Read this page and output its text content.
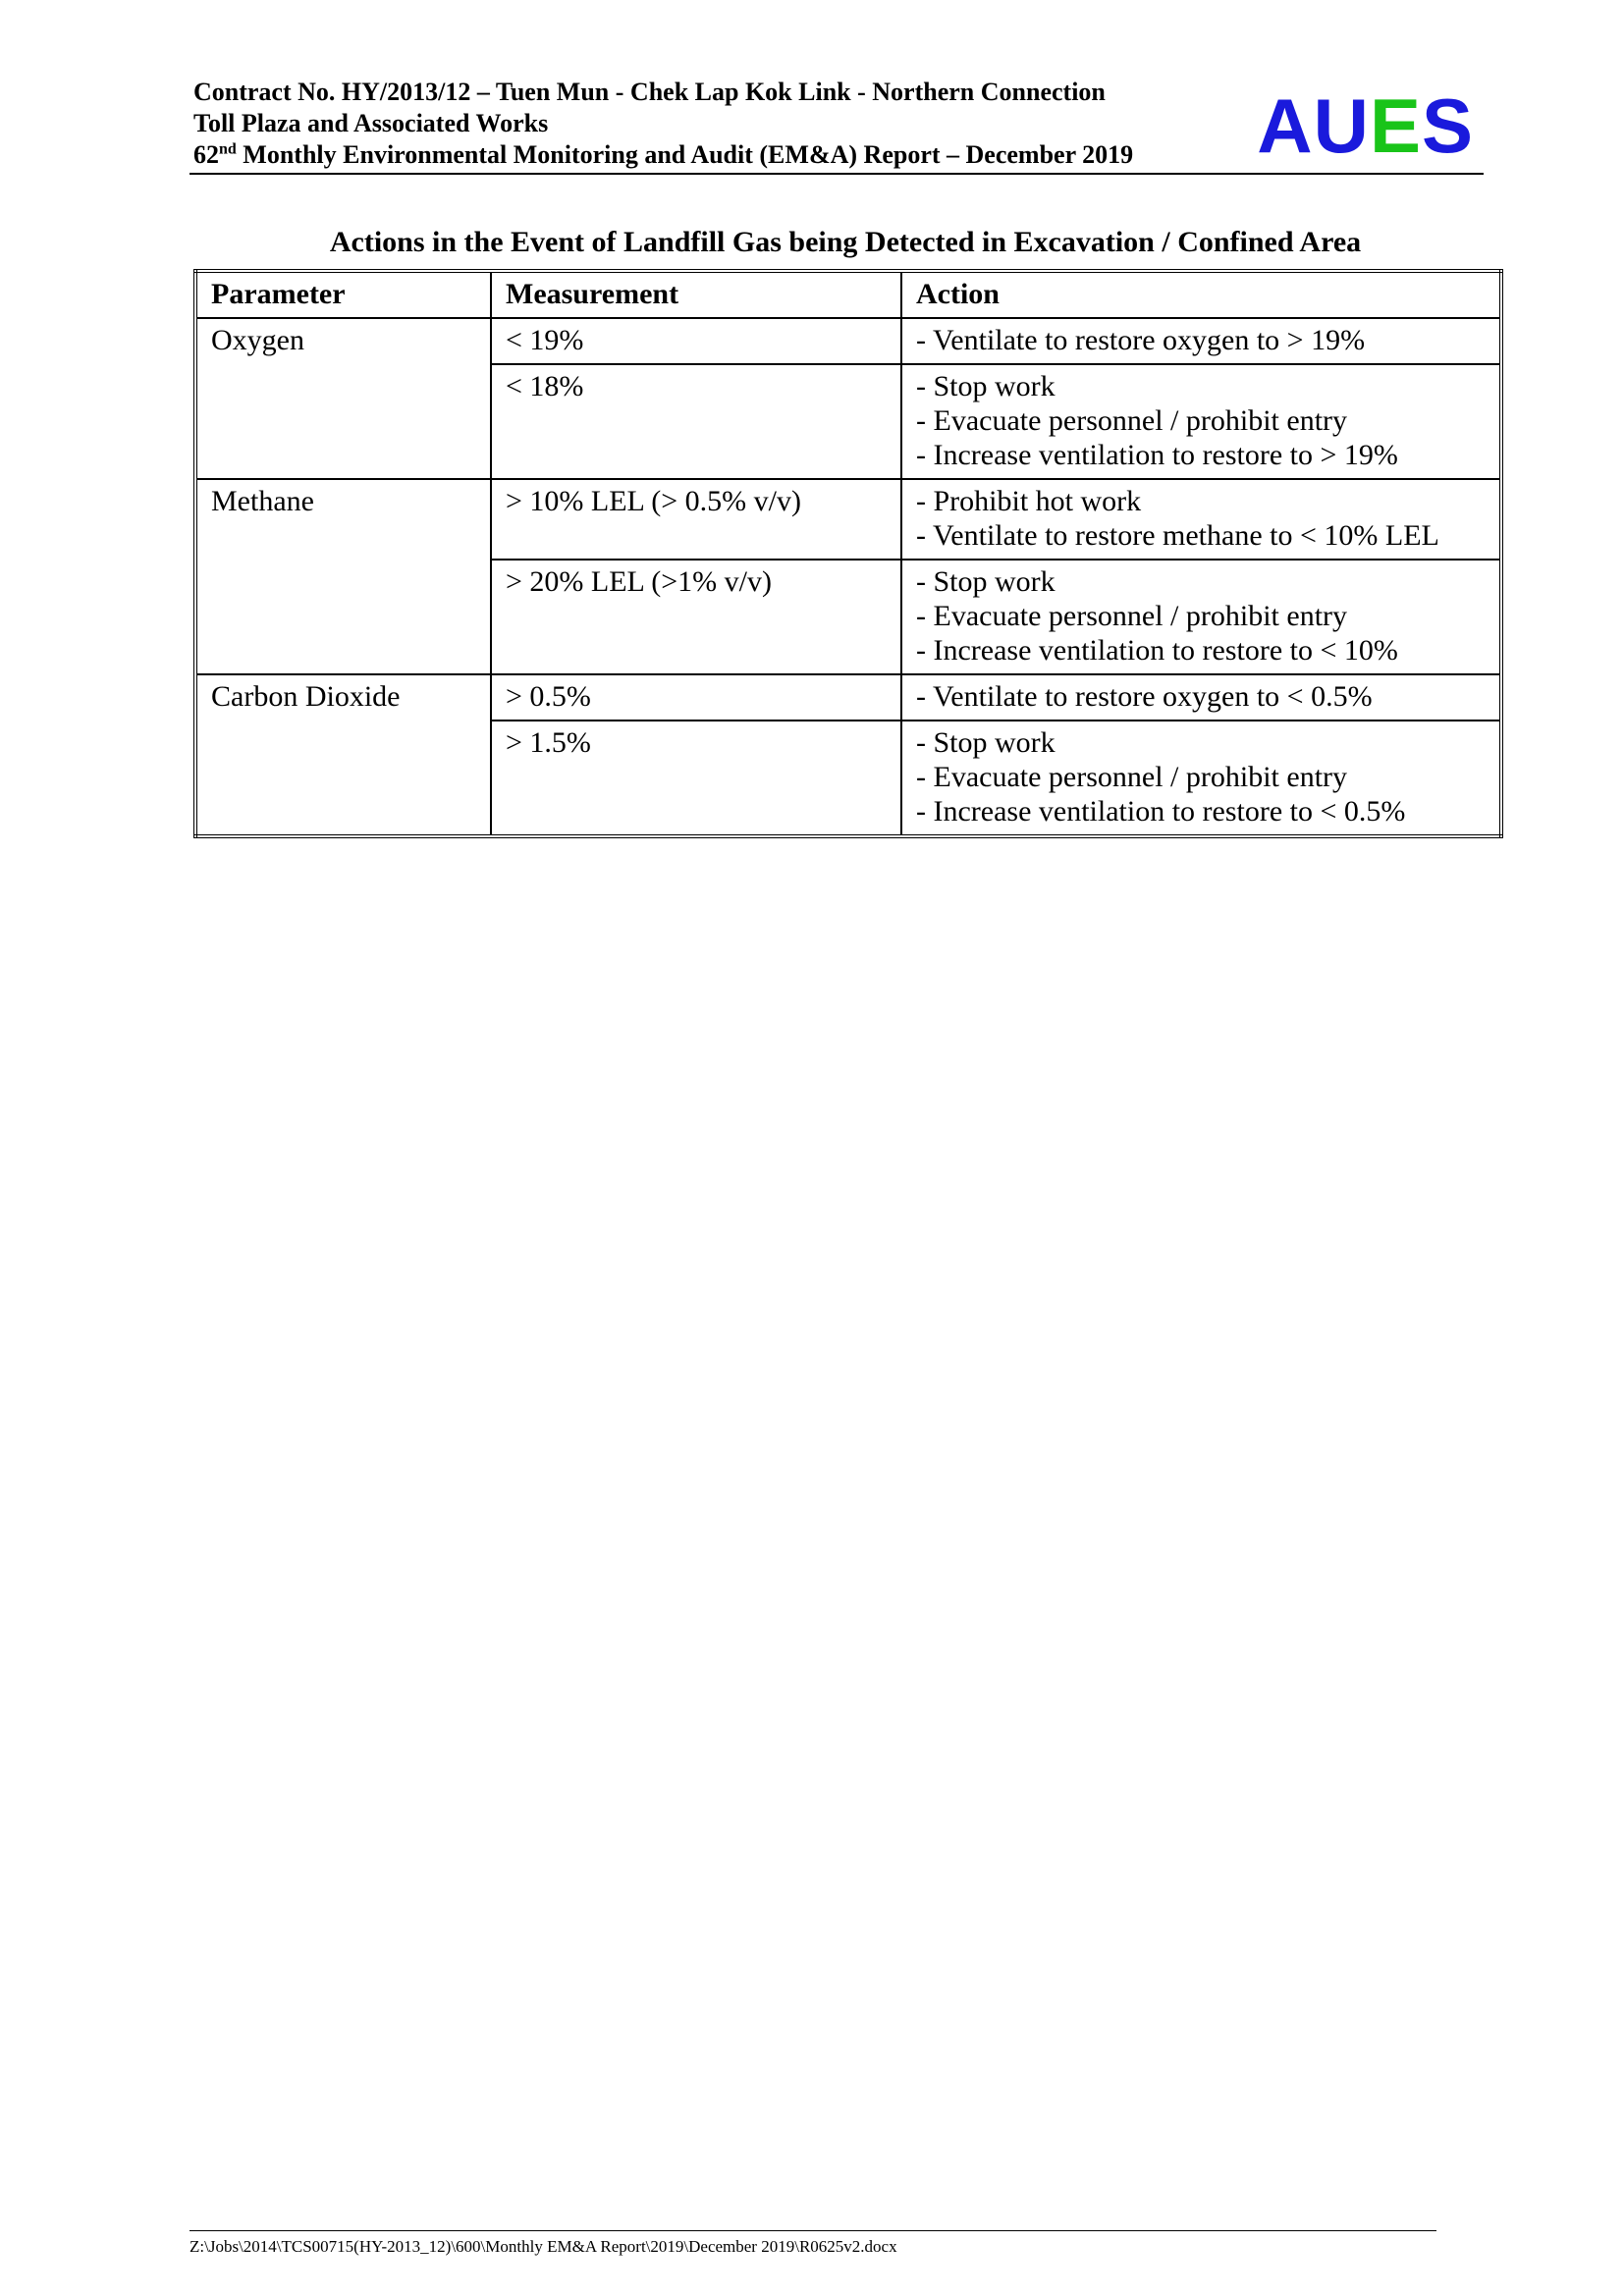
Contract No. HY/2013/12 – Tuen Mun - Chek Lap Kok Link - Northern Connection
Toll Plaza and Associated Works
62nd Monthly Environmental Monitoring and Audit (EM&A) Report – December 2019 AUES
Actions in the Event of Landfill Gas being Detected in Excavation / Confined Area
Parameter	Measurement	Action
Oxygen	< 19%	- Ventilate to restore oxygen to > 19%

	< 18%	- Stop work
- Evacuate personnel / prohibit entry
- Increase ventilation to restore to > 19%

Methane	> 10% LEL (> 0.5% v/v)	- Prohibit hot work
- Ventilate to restore methane to < 10% LEL

	> 20% LEL (>1% v/v)	- Stop work
- Evacuate personnel / prohibit entry
- Increase ventilation to restore to < 10%

Carbon Dioxide	> 0.5%	- Ventilate to restore oxygen to < 0.5%

	> 1.5%	- Stop work
- Evacuate personnel / prohibit entry
- Increase ventilation to restore to < 0.5%
Z:\Jobs\2014\TCS00715(HY-2013_12)\600\Monthly EM&A Report\2019\December 2019\R0625v2.docx
